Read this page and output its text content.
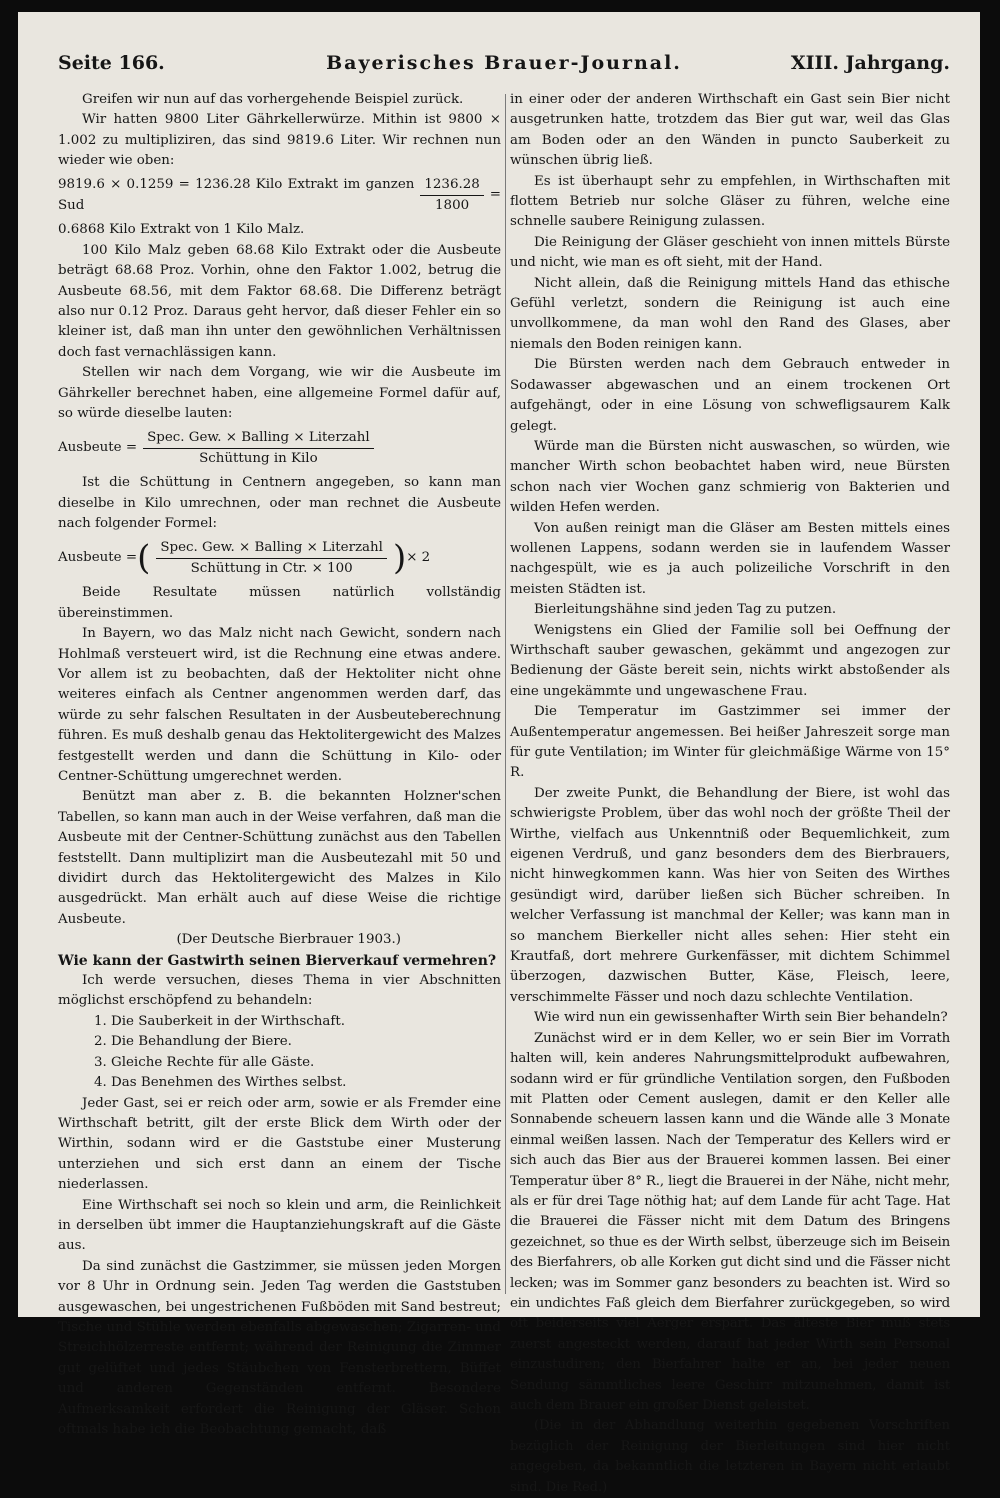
Seite 166.	Bayerisches Brauer-Journal.	XIII. Jahrgang.

Greifen wir nun auf das vorhergehende Beispiel zurück.

Wir hatten 9800 Liter Gährkellerwürze. Mithin ist 9800 × 1.002 zu multipliziren, das sind 9819.6 Liter. Wir rechnen nun wieder wie oben:

9819.6 × 0.1259 = 1236.28 Kilo Extrakt im ganzen Sud	$\frac{1236.28}{1800}$ =

0.6868 Kilo Extrakt von 1 Kilo Malz.

100 Kilo Malz geben 68.68 Kilo Extrakt oder die Ausbeute beträgt 68.68 Proz. Vorhin, ohne den Faktor 1.002, betrug die Ausbeute 68.56, mit dem Faktor 68.68. Die Differenz beträgt also nur 0.12 Proz. Daraus geht hervor, daß dieser Fehler ein so kleiner ist, daß man ihn unter den gewöhnlichen Verhältnissen doch fast vernachlässigen kann.

Stellen wir nach dem Vorgang, wie wir die Ausbeute im Gährkeller berechnet haben, eine allgemeine Formel dafür auf, so würde dieselbe lauten:

Ausbeute = $\frac{\text{Spec. Gew. × Balling × Literzahl}}{\text{Schüttung in Kilo}}$

Ist die Schüttung in Centnern angegeben, so kann man dieselbe in Kilo umrechnen, oder man rechnet die Ausbeute nach folgender Formel:

Ausbeute = ( $\frac{\text{Spec. Gew. × Balling × Literzahl}}{\text{Schüttung in Ctr. × 100}}$ ) × 2

Beide Resultate müssen natürlich vollständig übereinstimmen.

In Bayern, wo das Malz nicht nach Gewicht, sondern nach Hohlmaß versteuert wird, ist die Rechnung eine etwas andere. Vor allem ist zu beobachten, daß der Hektoliter nicht ohne weiteres einfach als Centner angenommen werden darf, das würde zu sehr falschen Resultaten in der Ausbeuteberechnung führen. Es muß deshalb genau das Hektolitergewicht des Malzes festgestellt werden und dann die Schüttung in Kilo- oder Centner-Schüttung umgerechnet werden.

Benützt man aber z. B. die bekannten Holzner'schen Tabellen, so kann man auch in der Weise verfahren, daß man die Ausbeute mit der Centner-Schüttung zunächst aus den Tabellen feststellt. Dann multiplizirt man die Ausbeutezahl mit 50 und dividirt durch das Hektolitergewicht des Malzes in Kilo ausgedrückt. Man erhält auch auf diese Weise die richtige Ausbeute.

(Der Deutsche Bierbrauer 1903.)

Wie kann der Gastwirth seinen Bierverkauf vermehren?

Ich werde versuchen, dieses Thema in vier Abschnitten möglichst erschöpfend zu behandeln:

1. Die Sauberkeit in der Wirthschaft.

2. Die Behandlung der Biere.

3. Gleiche Rechte für alle Gäste.

4. Das Benehmen des Wirthes selbst.

Jeder Gast, sei er reich oder arm, sowie er als Fremder eine Wirthschaft betritt, gilt der erste Blick dem Wirth oder der Wirthin, sodann wird er die Gaststube einer Musterung unterziehen und sich erst dann an einem der Tische niederlassen.

Eine Wirthschaft sei noch so klein und arm, die Reinlichkeit in derselben übt immer die Hauptanziehungskraft auf die Gäste aus.

Da sind zunächst die Gastzimmer, sie müssen jeden Morgen vor 8 Uhr in Ordnung sein. Jeden Tag werden die Gaststuben ausgewaschen, bei ungestrichenen Fußböden mit Sand bestreut; Tische und Stühle werden ebenfalls abgewaschen; Zigarren- und Streichhölzerreste entfernt; während der Reinigung die Zimmer gut gelüftet und jedes Stäubchen von Fensterbrettern, Büffet und anderen Gegenständen entfernt. Besondere Aufmerksamkeit erfordert die Reinigung der Gläser. Schon oftmals habe ich die Beobachtung gemacht, daß

in einer oder der anderen Wirthschaft ein Gast sein Bier nicht ausgetrunken hatte, trotzdem das Bier gut war, weil das Glas am Boden oder an den Wänden in puncto Sauberkeit zu wünschen übrig ließ.

Es ist überhaupt sehr zu empfehlen, in Wirthschaften mit flottem Betrieb nur solche Gläser zu führen, welche eine schnelle saubere Reinigung zulassen.

Die Reinigung der Gläser geschieht von innen mittels Bürste und nicht, wie man es oft sieht, mit der Hand.

Nicht allein, daß die Reinigung mittels Hand das ethische Gefühl verletzt, sondern die Reinigung ist auch eine unvollkommene, da man wohl den Rand des Glases, aber niemals den Boden reinigen kann.

Die Bürsten werden nach dem Gebrauch entweder in Sodawasser abgewaschen und an einem trockenen Ort aufgehängt, oder in eine Lösung von schwefligsaurem Kalk gelegt.

Würde man die Bürsten nicht auswaschen, so würden, wie mancher Wirth schon beobachtet haben wird, neue Bürsten schon nach vier Wochen ganz schmierig von Bakterien und wilden Hefen werden.

Von außen reinigt man die Gläser am Besten mittels eines wollenen Lappens, sodann werden sie in laufendem Wasser nachgespült, wie es ja auch polizeiliche Vorschrift in den meisten Städten ist.

Bierleitungshähne sind jeden Tag zu putzen.

Wenigstens ein Glied der Familie soll bei Oeffnung der Wirthschaft sauber gewaschen, gekämmt und angezogen zur Bedienung der Gäste bereit sein, nichts wirkt abstoßender als eine ungekämmte und ungewaschene Frau.

Die Temperatur im Gastzimmer sei immer der Außentemperatur angemessen. Bei heißer Jahreszeit sorge man für gute Ventilation; im Winter für gleichmäßige Wärme von 15° R.

Der zweite Punkt, die Behandlung der Biere, ist wohl das schwierigste Problem, über das wohl noch der größte Theil der Wirthe, vielfach aus Unkenntniß oder Bequemlichkeit, zum eigenen Verdruß, und ganz besonders dem des Bierbrauers, nicht hinwegkommen kann. Was hier von Seiten des Wirthes gesündigt wird, darüber ließen sich Bücher schreiben. In welcher Verfassung ist manchmal der Keller; was kann man in so manchem Bierkeller nicht alles sehen: Hier steht ein Krautfaß, dort mehrere Gurkenfässer, mit dichtem Schimmel überzogen, dazwischen Butter, Käse, Fleisch, leere, verschimmelte Fässer und noch dazu schlechte Ventilation.

Wie wird nun ein gewissenhafter Wirth sein Bier behandeln?

Zunächst wird er in dem Keller, wo er sein Bier im Vorrath halten will, kein anderes Nahrungsmittelprodukt aufbewahren, sodann wird er für gründliche Ventilation sorgen, den Fußboden mit Platten oder Cement auslegen, damit er den Keller alle Sonnabende scheuern lassen kann und die Wände alle 3 Monate einmal weißen lassen. Nach der Temperatur des Kellers wird er sich auch das Bier aus der Brauerei kommen lassen. Bei einer Temperatur über 8° R., liegt die Brauerei in der Nähe, nicht mehr, als er für drei Tage nöthig hat; auf dem Lande für acht Tage. Hat die Brauerei die Fässer nicht mit dem Datum des Bringens gezeichnet, so thue es der Wirth selbst, überzeuge sich im Beisein des Bierfahrers, ob alle Korken gut dicht sind und die Fässer nicht lecken; was im Sommer ganz besonders zu beachten ist. Wird so ein undichtes Faß gleich dem Bierfahrer zurückgegeben, so wird oft beiderseits viel Aerger erspart. Das älteste Bier muß stets zuerst angesteckt werden, darauf hat jeder Wirth sein Personal einzustudiren; den Bierfahrer halte er an, bei jeder neuen Sendung sämmtliches leere Geschirr mitzunehmen, damit ist auch dem Brauer ein großer Dienst geleistet.

(Die in der Abhandlung weiterhin gegebenen Vorschriften bezüglich der Reinigung der Bierleitungen sind hier nicht angegeben, da bekanntlich die letzteren in Bayern nicht erlaubt sind. Die Red.)
